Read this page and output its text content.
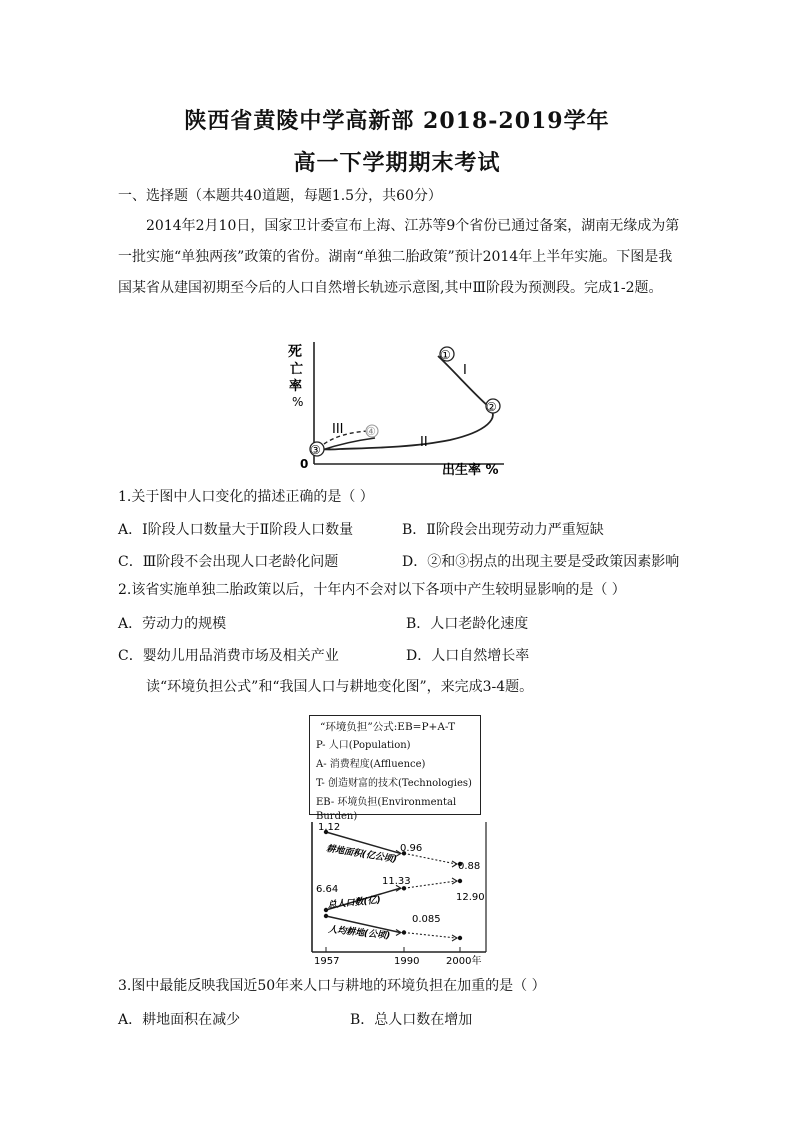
陕西省黄陵中学高新部 2018-2019学年
高一下学期期末考试
一、选择题（本题共40道题，每题1.5分，共60分）
2014年2月10日，国家卫计委宣布上海、江苏等9个省份已通过备案，湖南无缘成为第一批实施“单独两孩”政策的省份。湖南“单独二胎政策”预计2014年上半年实施。下图是我国某省从建国初期至今后的人口自然增长轨迹示意图,其中Ⅲ阶段为预测段。完成1-2题。
死
亡
率
%
0	出生率 %
①
②
③
④
I
II
III
1.关于图中人口变化的描述正确的是（ ）
A．I阶段人口数量大于Ⅱ阶段人口数量	B．Ⅱ阶段会出现劳动力严重短缺
C．Ⅲ阶段不会出现人口老龄化问题	D．②和③拐点的出现主要是受政策因素影响
2.该省实施单独二胎政策以后，十年内不会对以下各项中产生较明显影响的是（ ）
A．劳动力的规模	B．人口老龄化速度
C．婴幼儿用品消费市场及相关产业	D．人口自然增长率
读“环境负担公式”和“我国人口与耕地变化图”，来完成3-4题。
“环境负担”公式:EB=P+A-T
P- 人口(Population)
A- 消费程度(Affluence)
T- 创造财富的技术(Technologies)
EB- 环境负担(Environmental Burden)
1957	1990	2000年
耕地面积(亿公顷)
总人口数(亿)
人均耕地(公顷)
1.12
0.96
0.88
6.64
11.33
12.90
0.085
3.图中最能反映我国近50年来人口与耕地的环境负担在加重的是（ ）
A．耕地面积在减少	B．总人口数在增加
